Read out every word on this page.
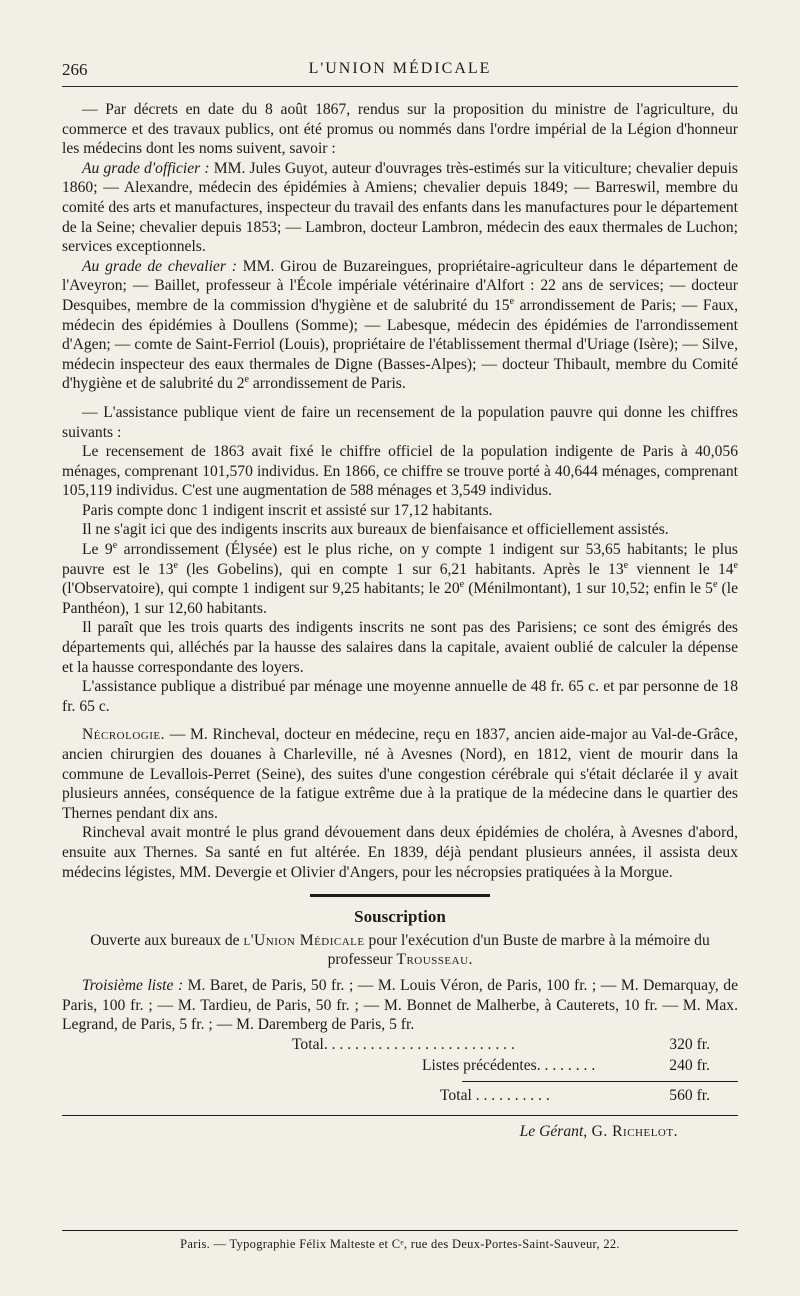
266	L'UNION MÉDICALE

— Par décrets en date du 8 août 1867, rendus sur la proposition du ministre de l'agriculture, du commerce et des travaux publics, ont été promus ou nommés dans l'ordre impérial de la Légion d'honneur les médecins dont les noms suivent, savoir :

Au grade d'officier : MM. Jules Guyot, auteur d'ouvrages très-estimés sur la viticulture; chevalier depuis 1860; — Alexandre, médecin des épidémies à Amiens; chevalier depuis 1849; — Barreswil, membre du comité des arts et manufactures, inspecteur du travail des enfants dans les manufactures pour le département de la Seine; chevalier depuis 1853; — Lambron, docteur Lambron, médecin des eaux thermales de Luchon; services exceptionnels.

Au grade de chevalier : MM. Girou de Buzareingues, propriétaire-agriculteur dans le département de l'Aveyron; — Baillet, professeur à l'École impériale vétérinaire d'Alfort : 22 ans de services; — docteur Desquibes, membre de la commission d'hygiène et de salubrité du 15e arrondissement de Paris; — Faux, médecin des épidémies à Doullens (Somme); — Labesque, médecin des épidémies de l'arrondissement d'Agen; — comte de Saint-Ferriol (Louis), propriétaire de l'établissement thermal d'Uriage (Isère); — Silve, médecin inspecteur des eaux thermales de Digne (Basses-Alpes); — docteur Thibault, membre du Comité d'hygiène et de salubrité du 2e arrondissement de Paris.

— L'assistance publique vient de faire un recensement de la population pauvre qui donne les chiffres suivants :

Le recensement de 1863 avait fixé le chiffre officiel de la population indigente de Paris à 40,056 ménages, comprenant 101,570 individus. En 1866, ce chiffre se trouve porté à 40,644 ménages, comprenant 105,119 individus. C'est une augmentation de 588 ménages et 3,549 individus.

Paris compte donc 1 indigent inscrit et assisté sur 17,12 habitants.

Il ne s'agit ici que des indigents inscrits aux bureaux de bienfaisance et officiellement assistés.

Le 9e arrondissement (Élysée) est le plus riche, on y compte 1 indigent sur 53,65 habitants; le plus pauvre est le 13e (les Gobelins), qui en compte 1 sur 6,21 habitants. Après le 13e viennent le 14e (l'Observatoire), qui compte 1 indigent sur 9,25 habitants; le 20e (Ménilmontant), 1 sur 10,52; enfin le 5e (le Panthéon), 1 sur 12,60 habitants.

Il paraît que les trois quarts des indigents inscrits ne sont pas des Parisiens; ce sont des émigrés des départements qui, alléchés par la hausse des salaires dans la capitale, avaient oublié de calculer la dépense et la hausse correspondante des loyers.

L'assistance publique a distribué par ménage une moyenne annuelle de 48 fr. 65 c. et par personne de 18 fr. 65 c.

Nécrologie. — M. Rincheval, docteur en médecine, reçu en 1837, ancien aide-major au Val-de-Grâce, ancien chirurgien des douanes à Charleville, né à Avesnes (Nord), en 1812, vient de mourir dans la commune de Levallois-Perret (Seine), des suites d'une congestion cérébrale qui s'était déclarée il y avait plusieurs années, conséquence de la fatigue extrême due à la pratique de la médecine dans le quartier des Thernes pendant dix ans.

Rincheval avait montré le plus grand dévouement dans deux épidémies de choléra, à Avesnes d'abord, ensuite aux Thernes. Sa santé en fut altérée. En 1839, déjà pendant plusieurs années, il assista deux médecins légistes, MM. Devergie et Olivier d'Angers, pour les nécropsies pratiquées à la Morgue.

Souscription

Ouverte aux bureaux de l'Union Médicale pour l'exécution d'un Buste de marbre à la mémoire du professeur Trousseau.

Troisième liste : M. Baret, de Paris, 50 fr. ; — M. Louis Véron, de Paris, 100 fr. ; — M. Demarquay, de Paris, 100 fr. ; — M. Tardieu, de Paris, 50 fr. ; — M. Bonnet de Malherbe, à Cauterets, 10 fr. — M. Max. Legrand, de Paris, 5 fr. ; — M. Daremberg de Paris, 5 fr.

Total. . . . . . . . . . . . . . . . . . . . . . . . .	320 fr.
Listes précédentes. . . . . . . .	240 fr.
Total . . . . . . . . . .	560 fr.
Le Gérant, G. Richelot.
Paris. — Typographie Félix Malteste et Cᵉ, rue des Deux-Portes-Saint-Sauveur, 22.
